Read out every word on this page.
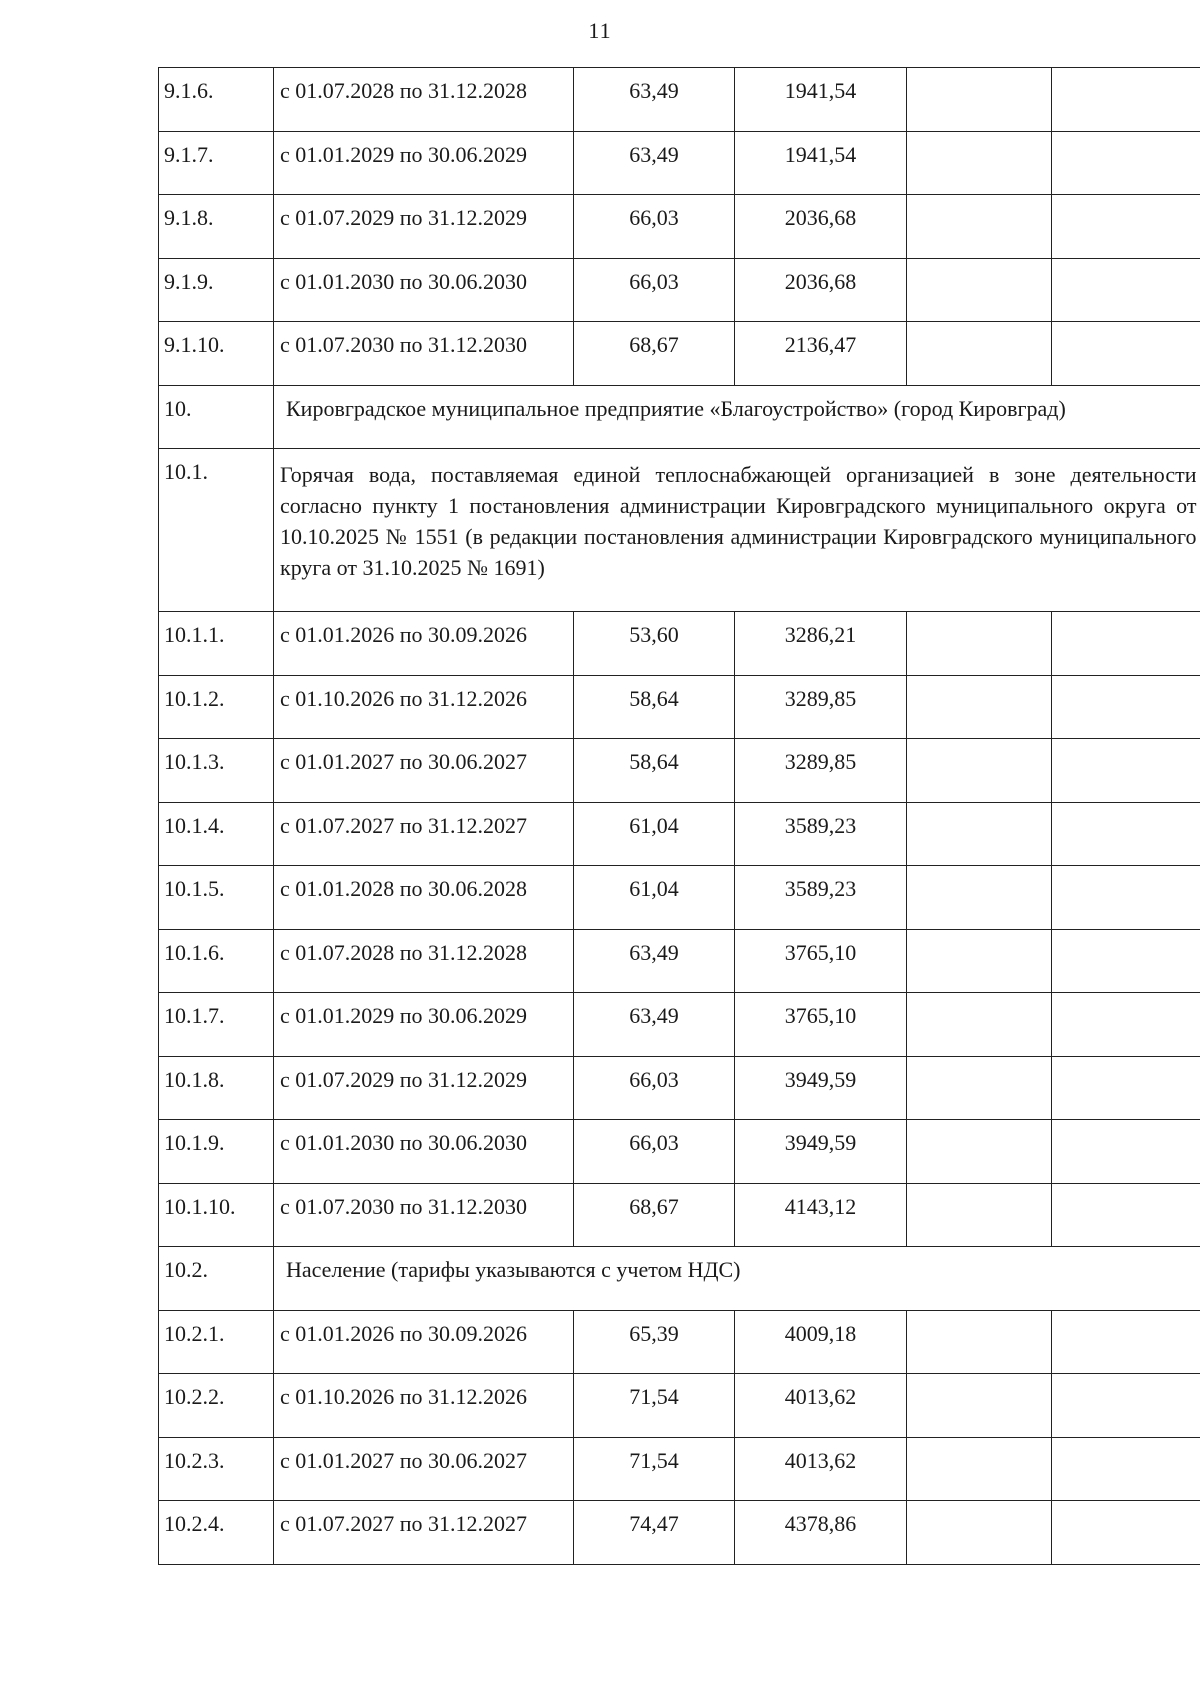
11
9.1.6.	с 01.07.2028 по 31.12.2028	63,49	1941,54		
9.1.7.	с 01.01.2029 по 30.06.2029	63,49	1941,54		
9.1.8.	с 01.07.2029 по 31.12.2029	66,03	2036,68		
9.1.9.	с 01.01.2030 по 30.06.2030	66,03	2036,68		
9.1.10.	с 01.07.2030 по 31.12.2030	68,67	2136,47		
10.	Кировградское муниципальное предприятие «Благоустройство» (город Кировград)				
10.1.	Горячая вода, поставляемая единой теплоснабжающей организацией в зоне деятельности согласно пункту 1 постановления администрации Кировградского муниципального округа от 10.10.2025 № 1551 (в редакции постановления администрации Кировградского муниципального круга от 31.10.2025 № 1691)				
10.1.1.	с 01.01.2026 по 30.09.2026	53,60	3286,21		
10.1.2.	с 01.10.2026 по 31.12.2026	58,64	3289,85		
10.1.3.	с 01.01.2027 по 30.06.2027	58,64	3289,85		
10.1.4.	с 01.07.2027 по 31.12.2027	61,04	3589,23		
10.1.5.	с 01.01.2028 по 30.06.2028	61,04	3589,23		
10.1.6.	с 01.07.2028 по 31.12.2028	63,49	3765,10		
10.1.7.	с 01.01.2029 по 30.06.2029	63,49	3765,10		
10.1.8.	с 01.07.2029 по 31.12.2029	66,03	3949,59		
10.1.9.	с 01.01.2030 по 30.06.2030	66,03	3949,59		
10.1.10.	с 01.07.2030 по 31.12.2030	68,67	4143,12		
10.2.	Население (тарифы указываются с учетом НДС)				
10.2.1.	с 01.01.2026 по 30.09.2026	65,39	4009,18		
10.2.2.	с 01.10.2026 по 31.12.2026	71,54	4013,62		
10.2.3.	с 01.01.2027 по 30.06.2027	71,54	4013,62		
10.2.4.	с 01.07.2027 по 31.12.2027	74,47	4378,86		
